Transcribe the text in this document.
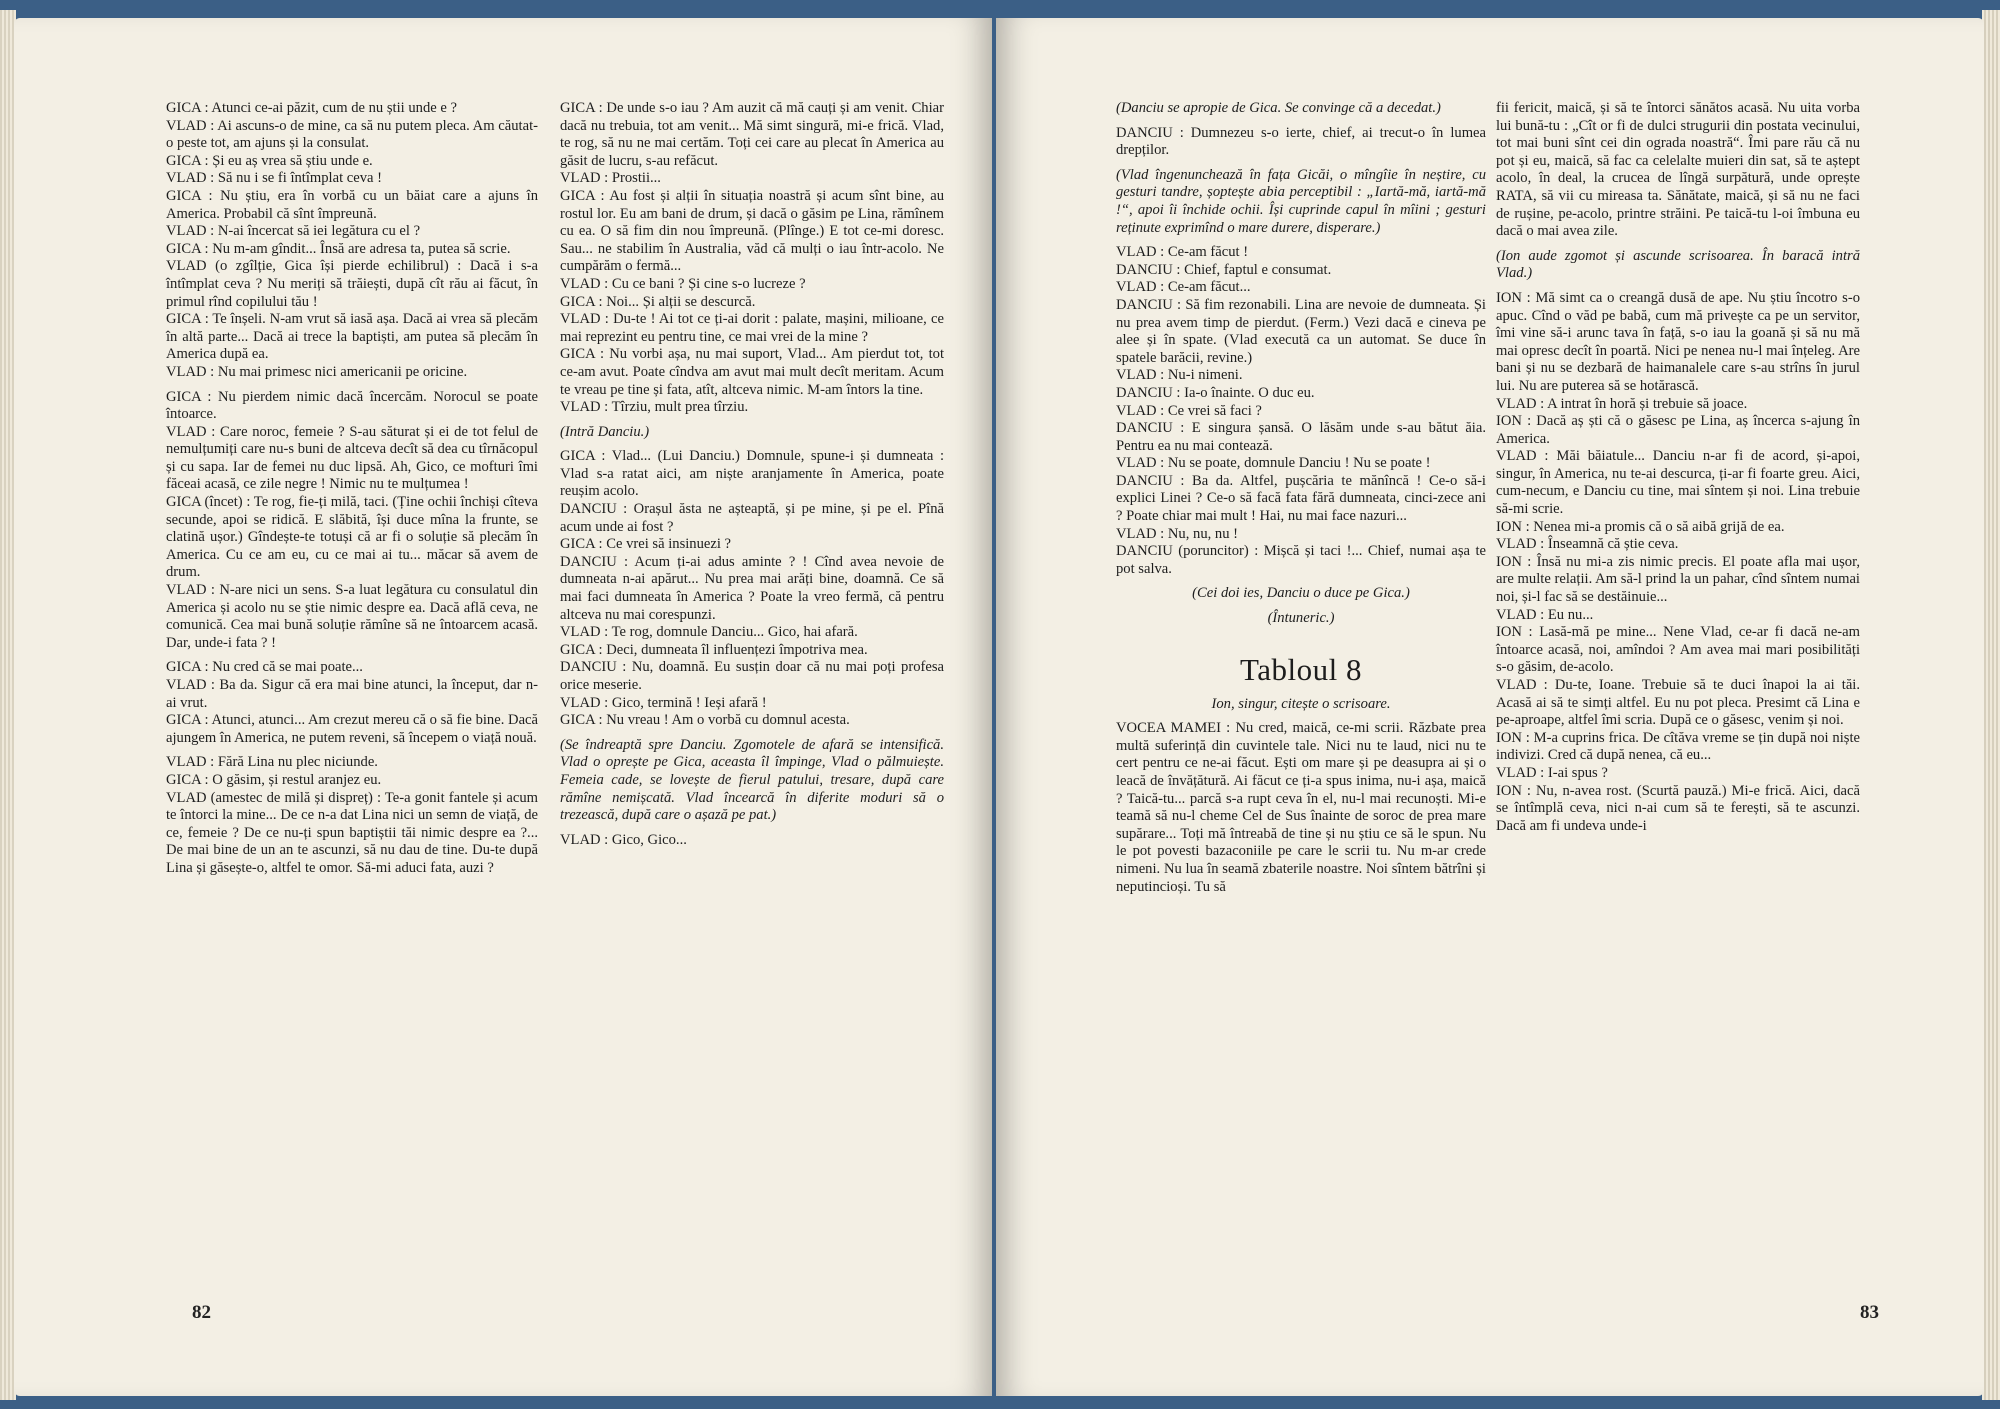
GICA : Atunci ce-ai păzit, cum de nu știi unde e ?

VLAD : Ai ascuns-o de mine, ca să nu putem pleca. Am căutat-o peste tot, am ajuns și la consulat.

GICA : Și eu aș vrea să știu unde e.

VLAD : Să nu i se fi întîmplat ceva !

GICA : Nu știu, era în vorbă cu un băiat care a ajuns în America. Probabil că sînt împreună.

VLAD : N-ai încercat să iei legătura cu el ?

GICA : Nu m-am gîndit... Însă are adresa ta, putea să scrie.

VLAD (o zgîlție, Gica își pierde echilibrul) : Dacă i s-a întîmplat ceva ? Nu meriți să trăiești, după cît rău ai făcut, în primul rînd copilului tău !

GICA : Te înșeli. N-am vrut să iasă așa. Dacă ai vrea să plecăm în altă parte... Dacă ai trece la baptiști, am putea să plecăm în America după ea.

VLAD : Nu mai primesc nici americanii pe oricine.

GICA : Nu pierdem nimic dacă încercăm. Norocul se poate întoarce.

VLAD : Care noroc, femeie ? S-au săturat și ei de tot felul de nemulțumiți care nu-s buni de altceva decît să dea cu tîrnăcopul și cu sapa. Iar de femei nu duc lipsă. Ah, Gico, ce mofturi îmi făceai acasă, ce zile negre ! Nimic nu te mulțumea !

GICA (încet) : Te rog, fie-ți milă, taci. (Ține ochii închiși cîteva secunde, apoi se ridică. E slăbită, își duce mîna la frunte, se clatină ușor.) Gîndește-te totuși că ar fi o soluție să plecăm în America. Cu ce am eu, cu ce mai ai tu... măcar să avem de drum.

VLAD : N-are nici un sens. S-a luat legătura cu consulatul din America și acolo nu se știe nimic despre ea. Dacă află ceva, ne comunică. Cea mai bună soluție rămîne să ne întoarcem acasă. Dar, unde-i fata ? !

GICA : Nu cred că se mai poate...

VLAD : Ba da. Sigur că era mai bine atunci, la început, dar n-ai vrut.

GICA : Atunci, atunci... Am crezut mereu că o să fie bine. Dacă ajungem în America, ne putem reveni, să începem o viață nouă.

VLAD : Fără Lina nu plec niciunde.

GICA : O găsim, și restul aranjez eu.

VLAD (amestec de milă și dispreț) : Te-a gonit fantele și acum te întorci la mine... De ce n-a dat Lina nici un semn de viață, de ce, femeie ? De ce nu-ți spun baptiștii tăi nimic despre ea ?... De mai bine de un an te ascunzi, să nu dau de tine. Du-te după Lina și găsește-o, altfel te omor. Să-mi aduci fata, auzi ?

GICA : De unde s-o iau ? Am auzit că mă cauți și am venit. Chiar dacă nu trebuia, tot am venit... Mă simt singură, mi-e frică. Vlad, te rog, să nu ne mai certăm. Toți cei care au plecat în America au găsit de lucru, s-au refăcut.

VLAD : Prostii...

GICA : Au fost și alții în situația noastră și acum sînt bine, au rostul lor. Eu am bani de drum, și dacă o găsim pe Lina, rămînem cu ea. O să fim din nou împreună. (Plînge.) E tot ce-mi doresc. Sau... ne stabilim în Australia, văd că mulți o iau într-acolo. Ne cumpărăm o fermă...

VLAD : Cu ce bani ? Și cine s-o lucreze ?

GICA : Noi... Și alții se descurcă.

VLAD : Du-te ! Ai tot ce ți-ai dorit : palate, mașini, milioane, ce mai reprezint eu pentru tine, ce mai vrei de la mine ?

GICA : Nu vorbi așa, nu mai suport, Vlad... Am pierdut tot, tot ce-am avut. Poate cîndva am avut mai mult decît meritam. Acum te vreau pe tine și fata, atît, altceva nimic. M-am întors la tine.

VLAD : Tîrziu, mult prea tîrziu.

(Intră Danciu.)

GICA : Vlad... (Lui Danciu.) Domnule, spune-i și dumneata : Vlad s-a ratat aici, am niște aranjamente în America, poate reușim acolo.

DANCIU : Orașul ăsta ne așteaptă, și pe mine, și pe el. Pînă acum unde ai fost ?

GICA : Ce vrei să insinuezi ?

DANCIU : Acum ți-ai adus aminte ? ! Cînd avea nevoie de dumneata n-ai apărut... Nu prea mai arăți bine, doamnă. Ce să mai faci dumneata în America ? Poate la vreo fermă, că pentru altceva nu mai corespunzi.

VLAD : Te rog, domnule Danciu... Gico, hai afară.

GICA : Deci, dumneata îl influențezi împotriva mea.

DANCIU : Nu, doamnă. Eu susțin doar că nu mai poți profesa orice meserie.

VLAD : Gico, termină ! Ieși afară !

GICA : Nu vreau ! Am o vorbă cu domnul acesta.

(Se îndreaptă spre Danciu. Zgomotele de afară se intensifică. Vlad o oprește pe Gica, aceasta îl împinge, Vlad o pălmuiește. Femeia cade, se lovește de fierul patului, tresare, după care rămîne nemișcată. Vlad încearcă în diferite moduri să o trezească, după care o așază pe pat.)

VLAD : Gico, Gico...

82

(Danciu se apropie de Gica. Se convinge că a decedat.)

DANCIU : Dumnezeu s-o ierte, chief, ai trecut-o în lumea drepților.

(Vlad îngenunchează în fața Gicăi, o mîngîie în neștire, cu gesturi tandre, șoptește abia perceptibil : „Iartă-mă, iartă-mă !“, apoi îi închide ochii. Își cuprinde capul în mîini ; gesturi reținute exprimînd o mare durere, disperare.)

VLAD : Ce-am făcut !

DANCIU : Chief, faptul e consumat.

VLAD : Ce-am făcut...

DANCIU : Să fim rezonabili. Lina are nevoie de dumneata. Și nu prea avem timp de pierdut. (Ferm.) Vezi dacă e cineva pe alee și în spate. (Vlad execută ca un automat. Se duce în spatele barăcii, revine.)

VLAD : Nu-i nimeni.

DANCIU : Ia-o înainte. O duc eu.

VLAD : Ce vrei să faci ?

DANCIU : E singura șansă. O lăsăm unde s-au bătut ăia. Pentru ea nu mai contează.

VLAD : Nu se poate, domnule Danciu ! Nu se poate !

DANCIU : Ba da. Altfel, pușcăria te mănîncă ! Ce-o să-i explici Linei ? Ce-o să facă fata fără dumneata, cinci-zece ani ? Poate chiar mai mult ! Hai, nu mai face nazuri...

VLAD : Nu, nu, nu !

DANCIU (poruncitor) : Mișcă și taci !... Chief, numai așa te pot salva.

(Cei doi ies, Danciu o duce pe Gica.)

(Întuneric.)

Tabloul 8

Ion, singur, citește o scrisoare.

VOCEA MAMEI : Nu cred, maică, ce-mi scrii. Răzbate prea multă suferință din cuvintele tale. Nici nu te laud, nici nu te cert pentru ce ne-ai făcut. Ești om mare și pe deasupra ai și o leacă de învățătură. Ai făcut ce ți-a spus inima, nu-i așa, maică ? Taică-tu... parcă s-a rupt ceva în el, nu-l mai recunoști. Mi-e teamă să nu-l cheme Cel de Sus înainte de soroc de prea mare supărare... Toți mă întreabă de tine și nu știu ce să le spun. Nu le pot povesti bazaconiile pe care le scrii tu. Nu m-ar crede nimeni. Nu lua în seamă zbaterile noastre. Noi sîntem bătrîni și neputincioși. Tu să

fii fericit, maică, și să te întorci sănătos acasă. Nu uita vorba lui bună-tu : „Cît or fi de dulci strugurii din postata vecinului, tot mai buni sînt cei din ograda noastră“. Îmi pare rău că nu pot și eu, maică, să fac ca celelalte muieri din sat, să te aștept acolo, în deal, la crucea de lîngă surpătură, unde oprește RATA, să vii cu mireasa ta. Sănătate, maică, și să nu ne faci de rușine, pe-acolo, printre străini. Pe taică-tu l-oi îmbuna eu dacă o mai avea zile.

(Ion aude zgomot și ascunde scrisoarea. În baracă intră Vlad.)

ION : Mă simt ca o creangă dusă de ape. Nu știu încotro s-o apuc. Cînd o văd pe babă, cum mă privește ca pe un servitor, îmi vine să-i arunc tava în față, s-o iau la goană și să nu mă mai opresc decît în poartă. Nici pe nenea nu-l mai înțeleg. Are bani și nu se dezbară de haimanalele care s-au strîns în jurul lui. Nu are puterea să se hotărască.

VLAD : A intrat în horă și trebuie să joace.

ION : Dacă aș ști că o găsesc pe Lina, aș încerca s-ajung în America.

VLAD : Măi băiatule... Danciu n-ar fi de acord, și-apoi, singur, în America, nu te-ai descurca, ți-ar fi foarte greu. Aici, cum-necum, e Danciu cu tine, mai sîntem și noi. Lina trebuie să-mi scrie.

ION : Nenea mi-a promis că o să aibă grijă de ea.

VLAD : Înseamnă că știe ceva.

ION : Însă nu mi-a zis nimic precis. El poate afla mai ușor, are multe relații. Am să-l prind la un pahar, cînd sîntem numai noi, și-l fac să se destăinuie...

VLAD : Eu nu...

ION : Lasă-mă pe mine... Nene Vlad, ce-ar fi dacă ne-am întoarce acasă, noi, amîndoi ? Am avea mai mari posibilități s-o găsim, de-acolo.

VLAD : Du-te, Ioane. Trebuie să te duci înapoi la ai tăi. Acasă ai să te simți altfel. Eu nu pot pleca. Presimt că Lina e pe-aproape, altfel îmi scria. După ce o găsesc, venim și noi.

ION : M-a cuprins frica. De cîtăva vreme se țin după noi niște indivizi. Cred că după nenea, că eu...

VLAD : I-ai spus ?

ION : Nu, n-avea rost. (Scurtă pauză.) Mi-e frică. Aici, dacă se întîmplă ceva, nici n-ai cum să te ferești, să te ascunzi. Dacă am fi undeva unde-i

83
